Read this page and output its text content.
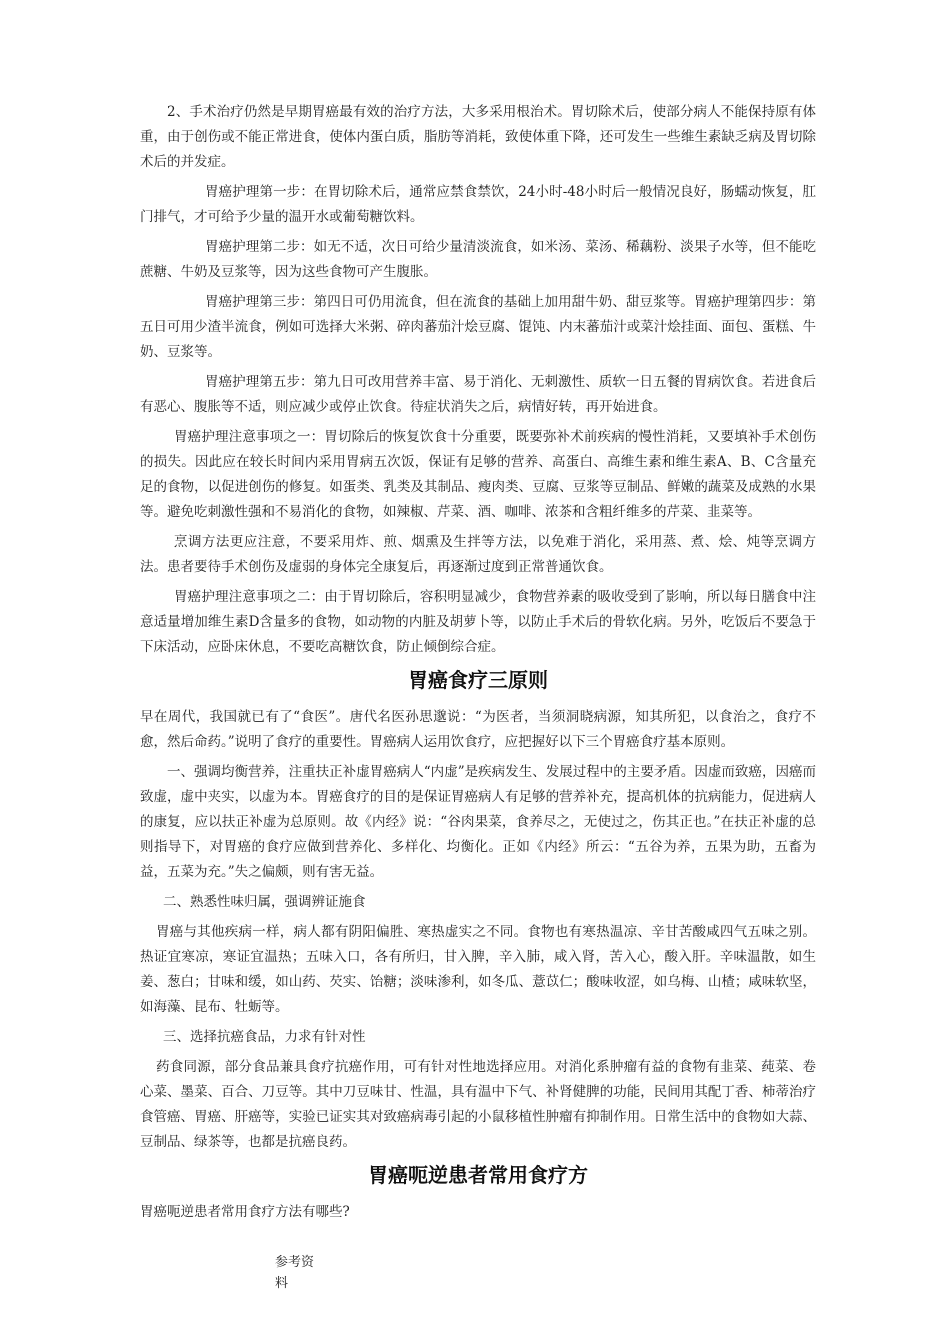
2、手术治疗仍然是早期胃癌最有效的治疗方法，大多采用根治术。胃切除术后，使部分病人不能保持原有体重，由于创伤或不能正常进食，使体内蛋白质，脂肪等消耗，致使体重下降，还可发生一些维生素缺乏病及胃切除术后的并发症。

胃癌护理第一步：在胃切除术后，通常应禁食禁饮，24小时-48小时后一般情况良好，肠蠕动恢复，肛门排气，才可给予少量的温开水或葡萄糖饮料。

胃癌护理第二步：如无不适，次日可给少量清淡流食，如米汤、菜汤、稀藕粉、淡果子水等，但不能吃蔗糖、牛奶及豆浆等，因为这些食物可产生腹胀。

胃癌护理第三步：第四日可仍用流食，但在流食的基础上加用甜牛奶、甜豆浆等。胃癌护理第四步：第五日可用少渣半流食，例如可选择大米粥、碎肉蕃茄汁烩豆腐、馄饨、内末蕃茄汁或菜汁烩挂面、面包、蛋糕、牛奶、豆浆等。

胃癌护理第五步：第九日可改用营养丰富、易于消化、无刺激性、质软一日五餐的胃病饮食。若进食后有恶心、腹胀等不适，则应减少或停止饮食。待症状消失之后，病情好转，再开始进食。

胃癌护理注意事项之一：胃切除后的恢复饮食十分重要，既要弥补术前疾病的慢性消耗，又要填补手术创伤的损失。因此应在较长时间内采用胃病五次饭，保证有足够的营养、高蛋白、高维生素和维生素A、B、C含量充足的食物，以促进创伤的修复。如蛋类、乳类及其制品、瘦肉类、豆腐、豆浆等豆制品、鲜嫩的蔬菜及成熟的水果等。避免吃刺激性强和不易消化的食物，如辣椒、芹菜、酒、咖啡、浓茶和含粗纤维多的芹菜、韭菜等。

烹调方法更应注意，不要采用炸、煎、烟熏及生拌等方法，以免难于消化，采用蒸、煮、烩、炖等烹调方法。患者要待手术创伤及虚弱的身体完全康复后，再逐渐过度到正常普通饮食。

胃癌护理注意事项之二：由于胃切除后，容积明显减少，食物营养素的吸收受到了影响，所以每日膳食中注意适量增加维生素D含量多的食物，如动物的内脏及胡萝卜等，以防止手术后的骨软化病。另外，吃饭后不要急于下床活动，应卧床休息，不要吃高糖饮食，防止倾倒综合症。

胃癌食疗三原则

早在周代，我国就已有了“食医”。唐代名医孙思邈说：“为医者，当须洞晓病源，知其所犯，以食治之，食疗不愈，然后命药。”说明了食疗的重要性。胃癌病人运用饮食疗，应把握好以下三个胃癌食疗基本原则。

一、强调均衡营养，注重扶正补虚胃癌病人“内虚”是疾病发生、发展过程中的主要矛盾。因虚而致癌，因癌而致虚，虚中夹实，以虚为本。胃癌食疗的目的是保证胃癌病人有足够的营养补充，提高机体的抗病能力，促进病人的康复，应以扶正补虚为总原则。故《内经》说：“谷肉果菜，食养尽之，无使过之，伤其正也。”在扶正补虚的总则指导下，对胃癌的食疗应做到营养化、多样化、均衡化。正如《内经》所云：“五谷为养，五果为助，五畜为益，五菜为充。”失之偏颇，则有害无益。

二、熟悉性味归属，强调辨证施食

胃癌与其他疾病一样，病人都有阴阳偏胜、寒热虚实之不同。食物也有寒热温凉、辛甘苦酸咸四气五味之别。热证宜寒凉，寒证宜温热；五味入口，各有所归，甘入脾，辛入肺，咸入肾，苦入心，酸入肝。辛味温散，如生姜、葱白；甘味和缓，如山药、芡实、饴糖；淡味渗利，如冬瓜、薏苡仁；酸味收涩，如乌梅、山楂；咸味软坚，如海藻、昆布、牡蛎等。

三、选择抗癌食品，力求有针对性

药食同源，部分食品兼具食疗抗癌作用，可有针对性地选择应用。对消化系肿瘤有益的食物有韭菜、莼菜、卷心菜、墨菜、百合、刀豆等。其中刀豆味甘、性温，具有温中下气、补肾健脾的功能，民间用其配丁香、柿蒂治疗食管癌、胃癌、肝癌等，实验已证实其对致癌病毒引起的小鼠移植性肿瘤有抑制作用。日常生活中的食物如大蒜、豆制品、绿茶等，也都是抗癌良药。

胃癌呃逆患者常用食疗方

胃癌呃逆患者常用食疗方法有哪些?

参考资
料
